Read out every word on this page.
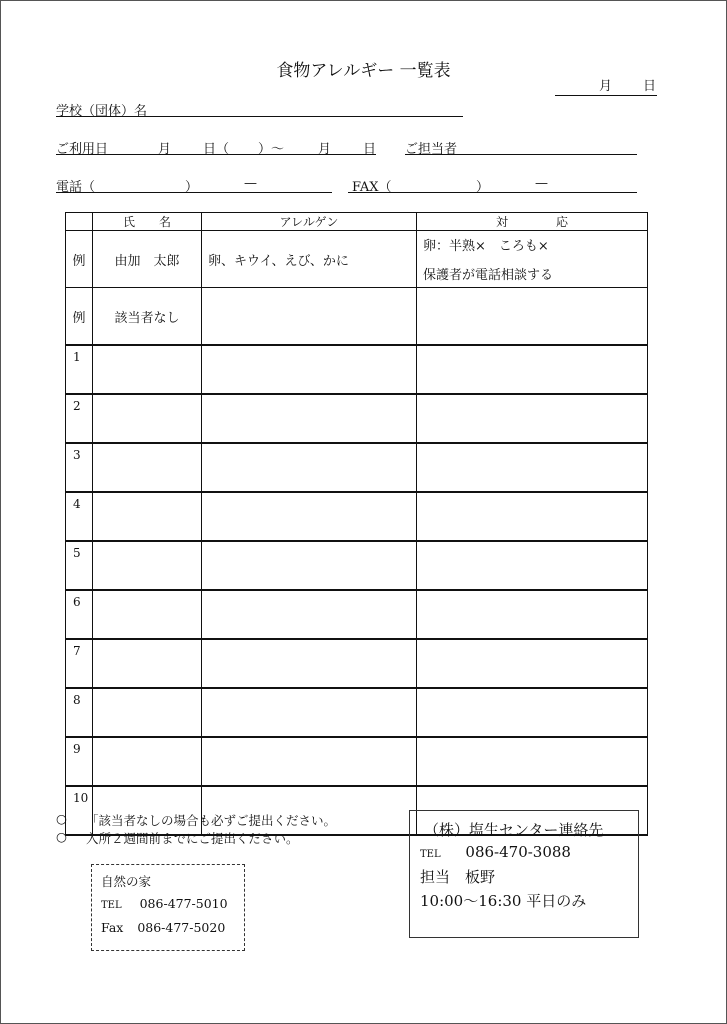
食物アレルギー 一覧表
月 日
学校（団体）名
ご利用日	月 日（ ）〜	月 日 ご担当者
電話（	）	—	FAX（	）	—
	氏　　名	アレルゲン	対　　　　応
例	由加　太郎	卵、キウイ、えび、かに	卵：半熟×　ころも×
保護者が電話相談する

例	該当者なし		
1			
2			
3			
4			
5			
6			
7			
8			
9			
10			
○ 「該当者なしの場合も必ずご提出ください。
○ 入所２週間前までにご提出ください。
自然の家
TEL 086-477-5010
Fax 086-477-5020
（株）塩生センター連絡先
TEL 086-470-3088
担当　板野
10:00〜16:30 平日のみ
